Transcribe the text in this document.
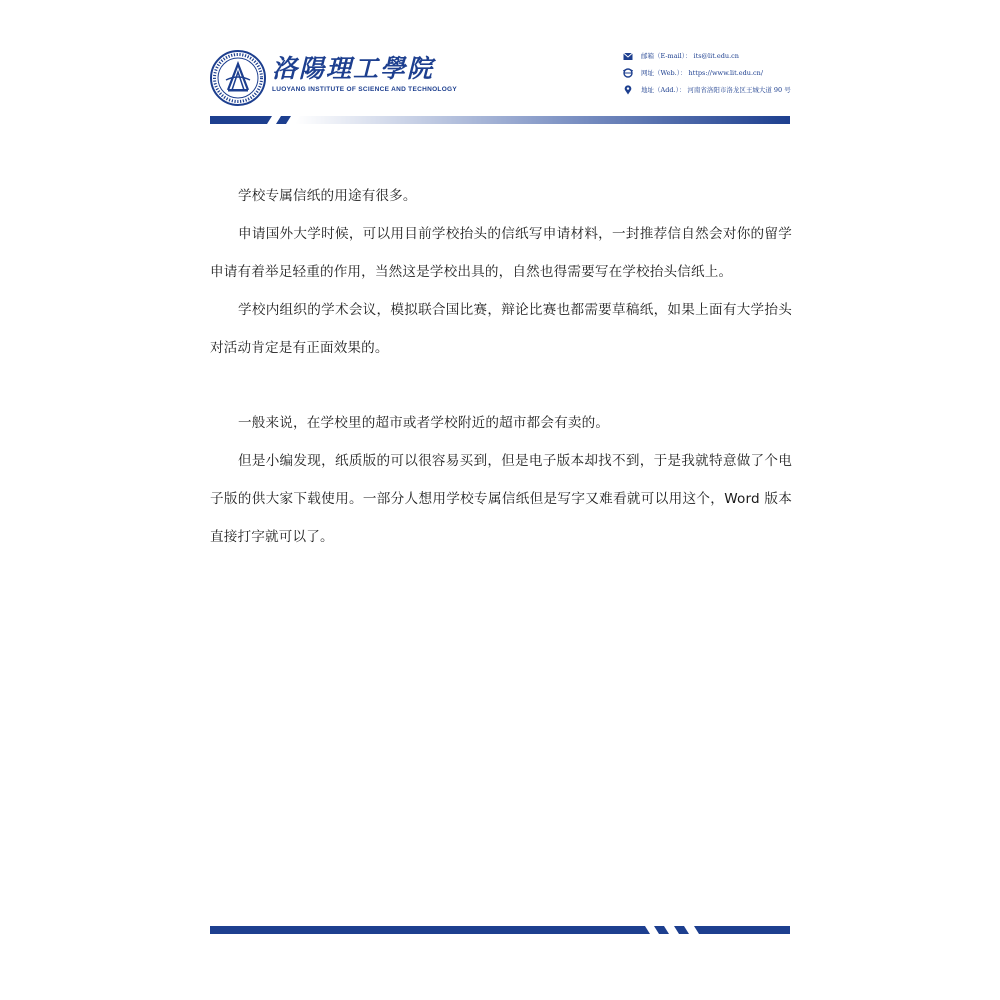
洛陽理工學院
LUOYANG INSTITUTE OF SCIENCE AND TECHNOLOGY
邮箱（E-mail）： its@lit.edu.cn
网址（Web.）： https://www.lit.edu.cn/
地址（Add.）： 河南省洛阳市洛龙区王城大道 90 号

学校专属信纸的用途有很多。

申请国外大学时候，可以用目前学校抬头的信纸写申请材料，一封推荐信自然会对你的留学申请有着举足轻重的作用，当然这是学校出具的，自然也得需要写在学校抬头信纸上。

学校内组织的学术会议，模拟联合国比赛，辩论比赛也都需要草稿纸，如果上面有大学抬头对活动肯定是有正面效果的。

一般来说，在学校里的超市或者学校附近的超市都会有卖的。

但是小编发现，纸质版的可以很容易买到，但是电子版本却找不到，于是我就特意做了个电子版的供大家下载使用。一部分人想用学校专属信纸但是写字又难看就可以用这个，Word 版本直接打字就可以了。
